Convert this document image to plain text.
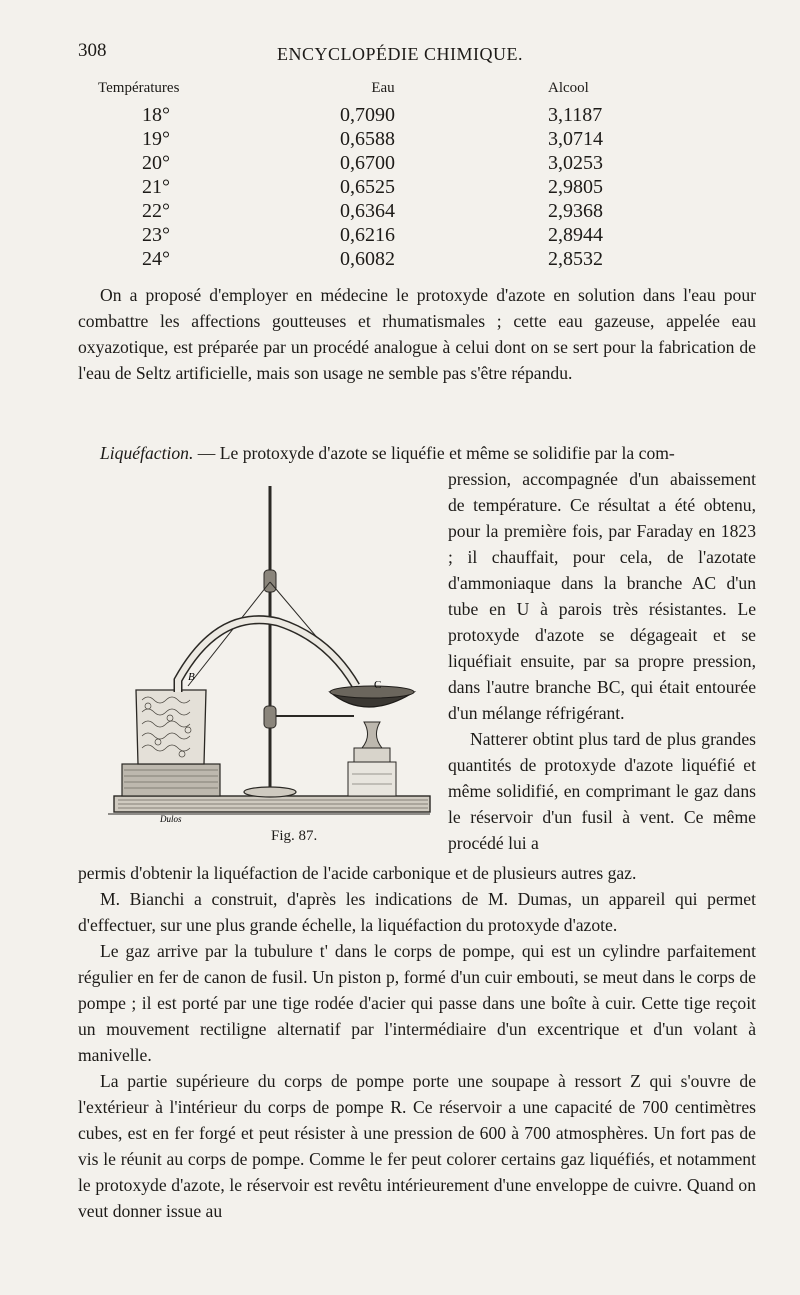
308	ENCYCLOPÉDIE CHIMIQUE.
Températures	Eau	Alcool
18°	0,7090	3,1187
19°	0,6588	3,0714
20°	0,6700	3,0253
21°	0,6525	2,9805
22°	0,6364	2,9368
23°	0,6216	2,8944
24°	0,6082	2,8532

On a proposé d'employer en médecine le protoxyde d'azote en solution dans l'eau pour combattre les affections goutteuses et rhumatismales ; cette eau gazeuse, appelée eau oxyazotique, est préparée par un procédé analogue à celui dont on se sert pour la fabrication de l'eau de Seltz artificielle, mais son usage ne semble pas s'être répandu.

Liquéfaction. — Le protoxyde d'azote se liquéfie et même se solidifie par la com-

pression, accompagnée d'un abaissement de température. Ce résultat a été obtenu, pour la première fois, par Faraday en 1823 ; il chauffait, pour cela, de l'azotate d'ammoniaque dans la branche AC d'un tube en U à parois très résistantes. Le protoxyde d'azote se dégageait et se liquéfiait ensuite, par sa propre pression, dans l'autre branche BC, qui était entourée d'un mélange réfrigérant.

Natterer obtint plus tard de plus grandes quantités de protoxyde d'azote liquéfié et même solidifié, en comprimant le gaz dans le réservoir d'un fusil à vent. Ce même procédé lui a

B
C
Dulos
Fig. 87.

permis d'obtenir la liquéfaction de l'acide carbonique et de plusieurs autres gaz.

M. Bianchi a construit, d'après les indications de M. Dumas, un appareil qui permet d'effectuer, sur une plus grande échelle, la liquéfaction du protoxyde d'azote.

Le gaz arrive par la tubulure t' dans le corps de pompe, qui est un cylindre parfaitement régulier en fer de canon de fusil. Un piston p, formé d'un cuir embouti, se meut dans le corps de pompe ; il est porté par une tige rodée d'acier qui passe dans une boîte à cuir. Cette tige reçoit un mouvement rectiligne alternatif par l'intermédiaire d'un excentrique et d'un volant à manivelle.

La partie supérieure du corps de pompe porte une soupape à ressort Z qui s'ouvre de l'extérieur à l'intérieur du corps de pompe R. Ce réservoir a une capacité de 700 centimètres cubes, est en fer forgé et peut résister à une pression de 600 à 700 atmosphères. Un fort pas de vis le réunit au corps de pompe. Comme le fer peut colorer certains gaz liquéfiés, et notamment le protoxyde d'azote, le réservoir est revêtu intérieurement d'une enveloppe de cuivre. Quand on veut donner issue au
